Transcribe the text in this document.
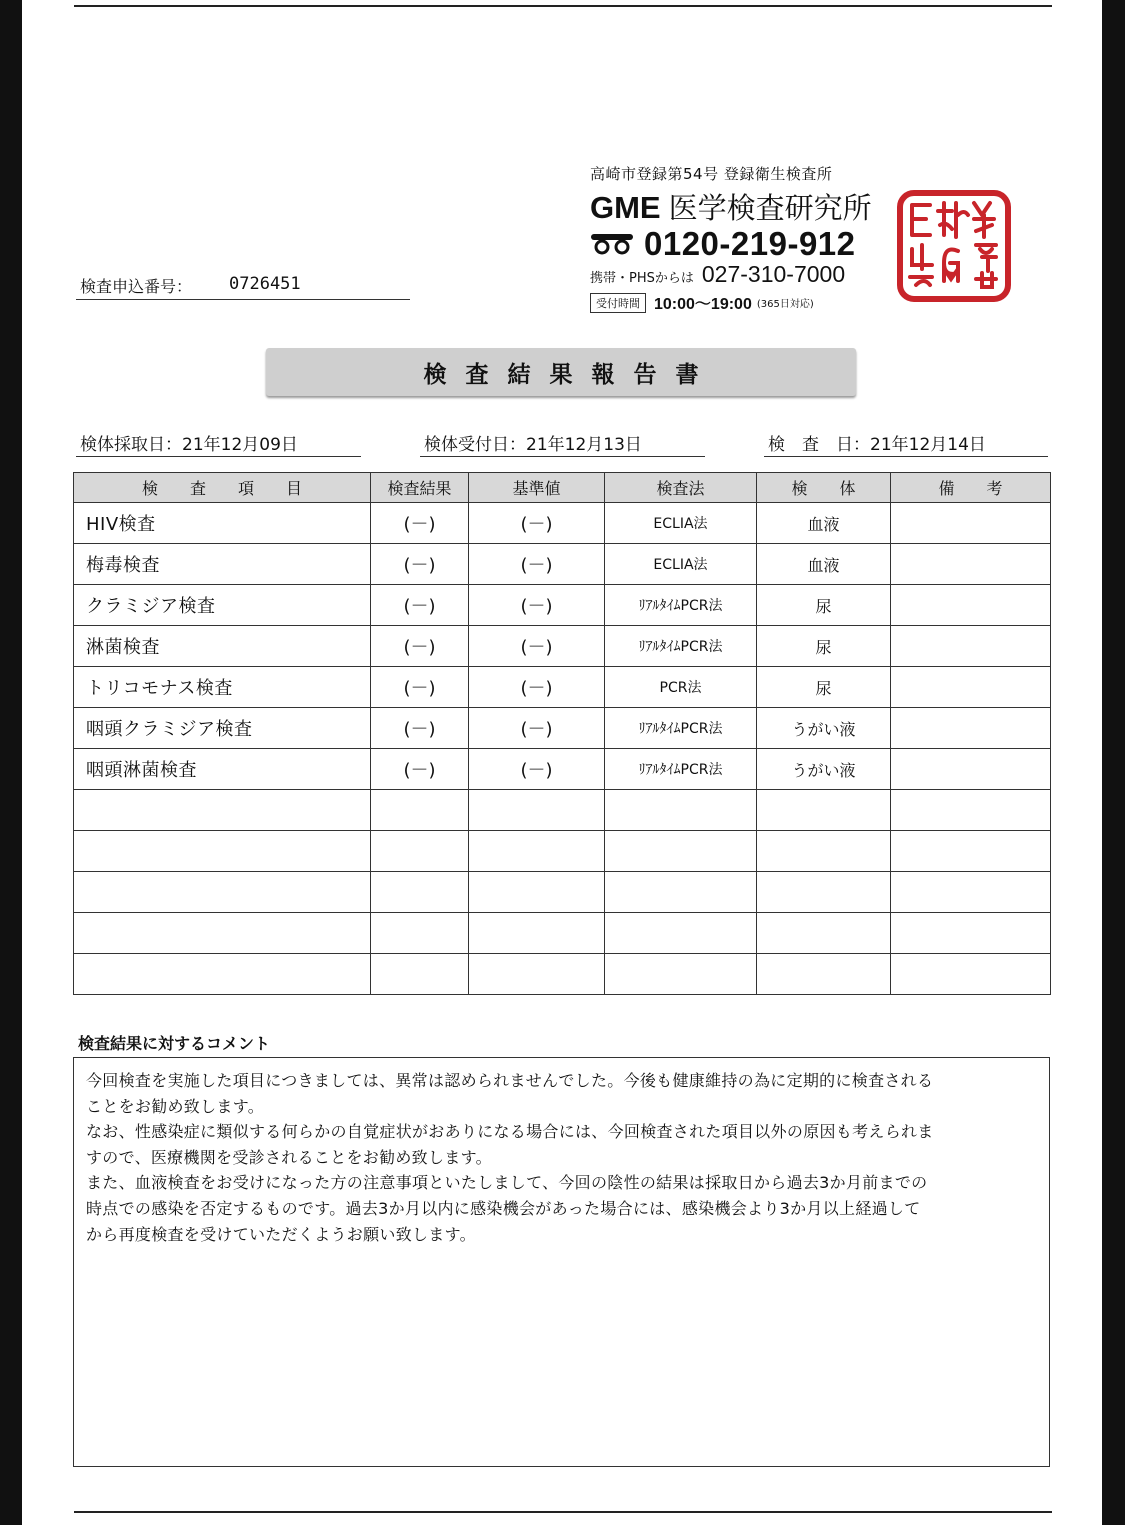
高崎市登録第54号 登録衛生検査所
GME 医学検査研究所
0120-219-912
携帯・PHSからは 027-310-7000
受付時間 10:00〜19:00 (365日対応)
検査申込番号： 0726451
検査結果報告書
検体採取日：21年12月09日	検体受付日：21年12月13日	検　査　日：21年12月14日
検　　査　　項　　目	検査結果	基準値	検査法	検　　体	備　　考
HIV検査	(－)	(－)	ECLIA法	血液	
梅毒検査	(－)	(－)	ECLIA法	血液	
クラミジア検査	(－)	(－)	ﾘｱﾙﾀｲﾑPCR法	尿	
淋菌検査	(－)	(－)	ﾘｱﾙﾀｲﾑPCR法	尿	
トリコモナス検査	(－)	(－)	PCR法	尿	
咽頭クラミジア検査	(－)	(－)	ﾘｱﾙﾀｲﾑPCR法	うがい液	
咽頭淋菌検査	(－)	(－)	ﾘｱﾙﾀｲﾑPCR法	うがい液	

検査結果に対するコメント

今回検査を実施した項目につきましては、異常は認められませんでした。今後も健康維持の為に定期的に検査される

ことをお勧め致します。

なお、性感染症に類似する何らかの自覚症状がおありになる場合には、今回検査された項目以外の原因も考えられま

すので、医療機関を受診されることをお勧め致します。

また、血液検査をお受けになった方の注意事項といたしまして、今回の陰性の結果は採取日から過去3か月前までの

時点での感染を否定するものです。過去3か月以内に感染機会があった場合には、感染機会より3か月以上経過して

から再度検査を受けていただくようお願い致します。
